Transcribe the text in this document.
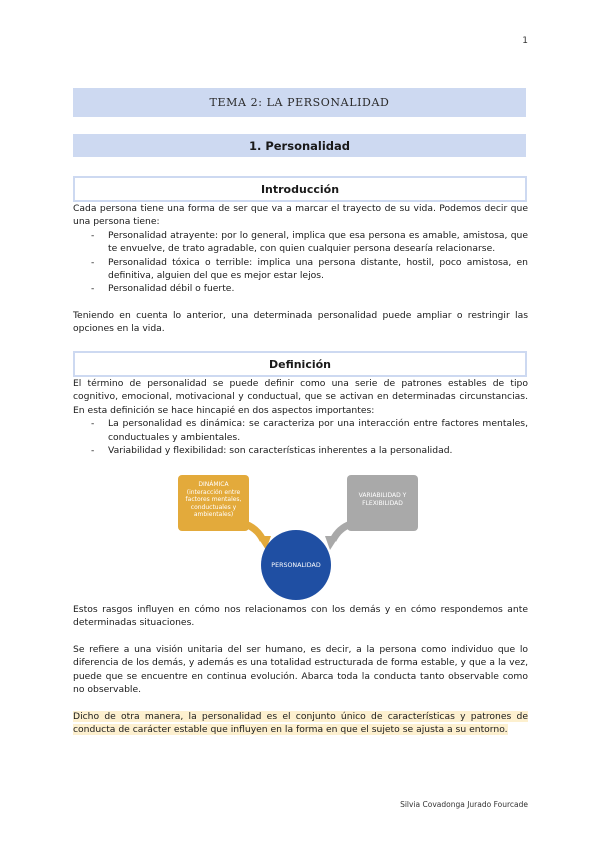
1
TEMA 2: LA PERSONALIDAD
1. Personalidad
Introducción

Cada persona tiene una forma de ser que va a marcar el trayecto de su vida. Podemos decir que una persona tiene:

- Personalidad atrayente: por lo general, implica que esa persona es amable, amistosa, que te envuelve, de trato agradable, con quien cualquier persona desearía relacionarse.
- Personalidad tóxica o terrible: implica una persona distante, hostil, poco amistosa, en definitiva, alguien del que es mejor estar lejos.
- Personalidad débil o fuerte.
Teniendo en cuenta lo anterior, una determinada personalidad puede ampliar o restringir las opciones en la vida.
Definición

El término de personalidad se puede definir como una serie de patrones estables de tipo cognitivo, emocional, motivacional y conductual, que se activan en determinadas circunstancias. En esta definición se hace hincapié en dos aspectos importantes:

- La personalidad es dinámica: se caracteriza por una interacción entre factores mentales, conductuales y ambientales.
- Variabilidad y flexibilidad: son características inherentes a la personalidad.
DINÁMICA
(interacción entre factores mentales, conductuales y ambientales)
VARIABILIDAD Y FLEXIBILIDAD
PERSONALIDAD
Estos rasgos influyen en cómo nos relacionamos con los demás y en cómo respondemos ante determinadas situaciones.
Se refiere a una visión unitaria del ser humano, es decir, a la persona como individuo que lo diferencia de los demás, y además es una totalidad estructurada de forma estable, y que a la vez, puede que se encuentre en continua evolución. Abarca toda la conducta tanto observable como no observable.
Dicho de otra manera, la personalidad es el conjunto único de características y patrones de conducta de carácter estable que influyen en la forma en que el sujeto se ajusta a su entorno.
Silvia Covadonga Jurado Fourcade
